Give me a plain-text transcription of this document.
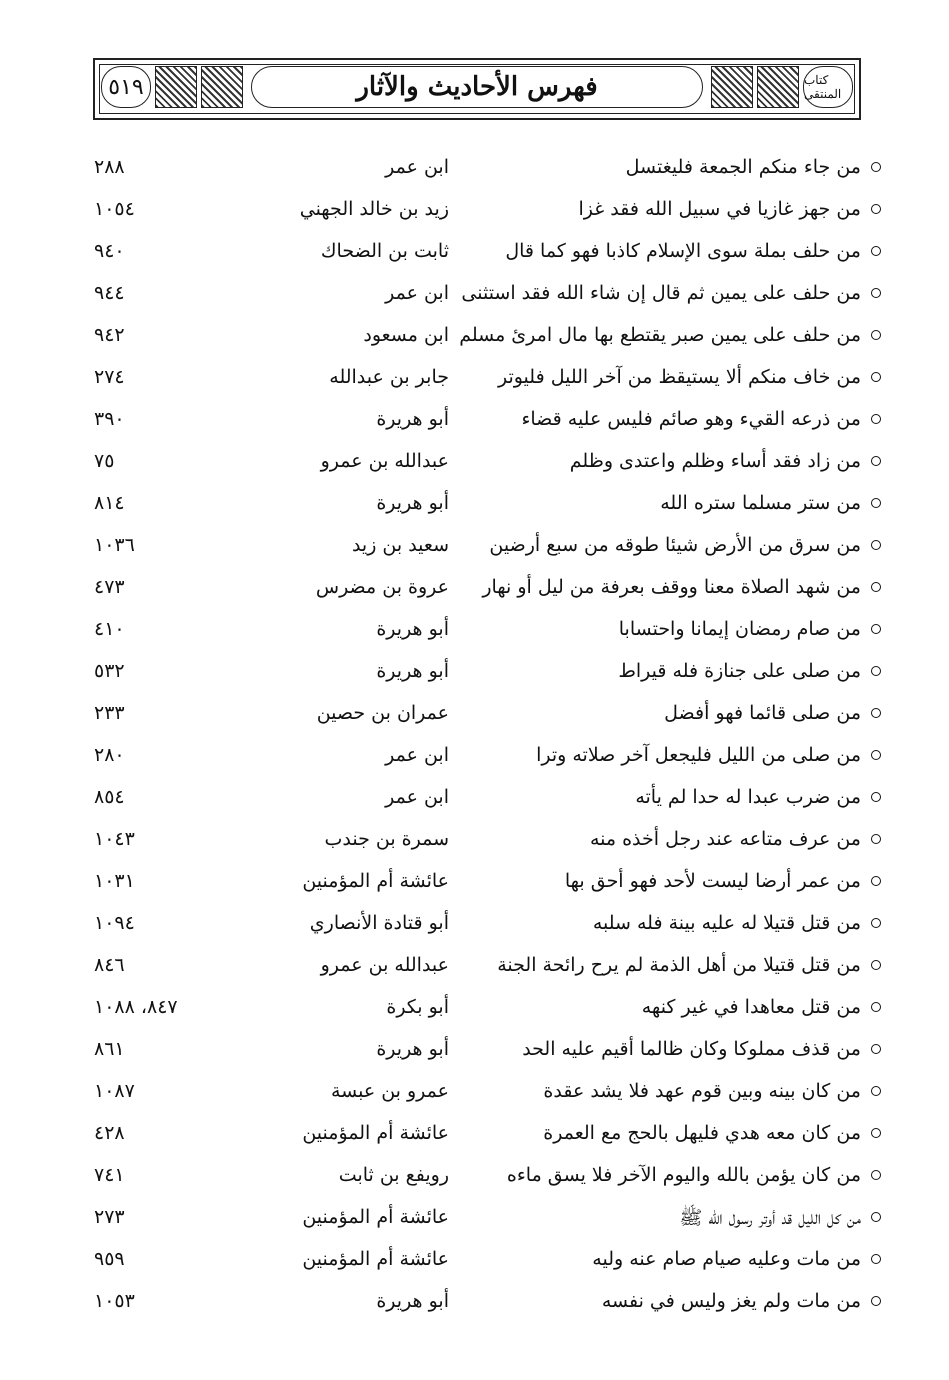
٥١٩	فهرس الأحاديث والآثار	كتاب المنتقى
من جاء منكم الجمعة فليغتسل
ابن عمر
٢٨٨
من جهز غازيا في سبيل الله فقد غزا
زيد بن خالد الجهني
١٠٥٤
من حلف بملة سوى الإسلام كاذبا فهو كما قال
ثابت بن الضحاك
٩٤٠
من حلف على يمين ثم قال إن شاء الله فقد استثنى
ابن عمر
٩٤٤
من حلف على يمين صبر يقتطع بها مال امرئ مسلم
ابن مسعود
٩٤٢
من خاف منكم ألا يستيقظ من آخر الليل فليوتر
جابر بن عبدالله
٢٧٤
من ذرعه القيء وهو صائم فليس عليه قضاء
أبو هريرة
٣٩٠
من زاد فقد أساء وظلم واعتدى وظلم
عبدالله بن عمرو
٧٥
من ستر مسلما ستره الله
أبو هريرة
٨١٤
من سرق من الأرض شيئا طوقه من سبع أرضين
سعيد بن زيد
١٠٣٦
من شهد الصلاة معنا ووقف بعرفة من ليل أو نهار
عروة بن مضرس
٤٧٣
من صام رمضان إيمانا واحتسابا
أبو هريرة
٤١٠
من صلى على جنازة فله قيراط
أبو هريرة
٥٣٢
من صلى قائما فهو أفضل
عمران بن حصين
٢٣٣
من صلى من الليل فليجعل آخر صلاته وترا
ابن عمر
٢٨٠
من ضرب عبدا له حدا لم يأته
ابن عمر
٨٥٤
من عرف متاعه عند رجل أخذه منه
سمرة بن جندب
١٠٤٣
من عمر أرضا ليست لأحد فهو أحق بها
عائشة أم المؤمنين
١٠٣١
من قتل قتيلا له عليه بينة فله سلبه
أبو قتادة الأنصاري
١٠٩٤
من قتل قتيلا من أهل الذمة لم يرح رائحة الجنة
عبدالله بن عمرو
٨٤٦
من قتل معاهدا في غير كنهه
أبو بكرة
٨٤٧، ١٠٨٨
من قذف مملوكا وكان ظالما أقيم عليه الحد
أبو هريرة
٨٦١
من كان بينه وبين قوم عهد فلا يشد عقدة
عمرو بن عبسة
١٠٨٧
من كان معه هدي فليهل بالحج مع العمرة
عائشة أم المؤمنين
٤٢٨
من كان يؤمن بالله واليوم الآخر فلا يسق ماءه
رويفع بن ثابت
٧٤١
من كل الليل قد أوتر رسول الله ﷺ
عائشة أم المؤمنين
٢٧٣
من مات وعليه صيام صام عنه وليه
عائشة أم المؤمنين
٩٥٩
من مات ولم يغز وليس في نفسه
أبو هريرة
١٠٥٣
